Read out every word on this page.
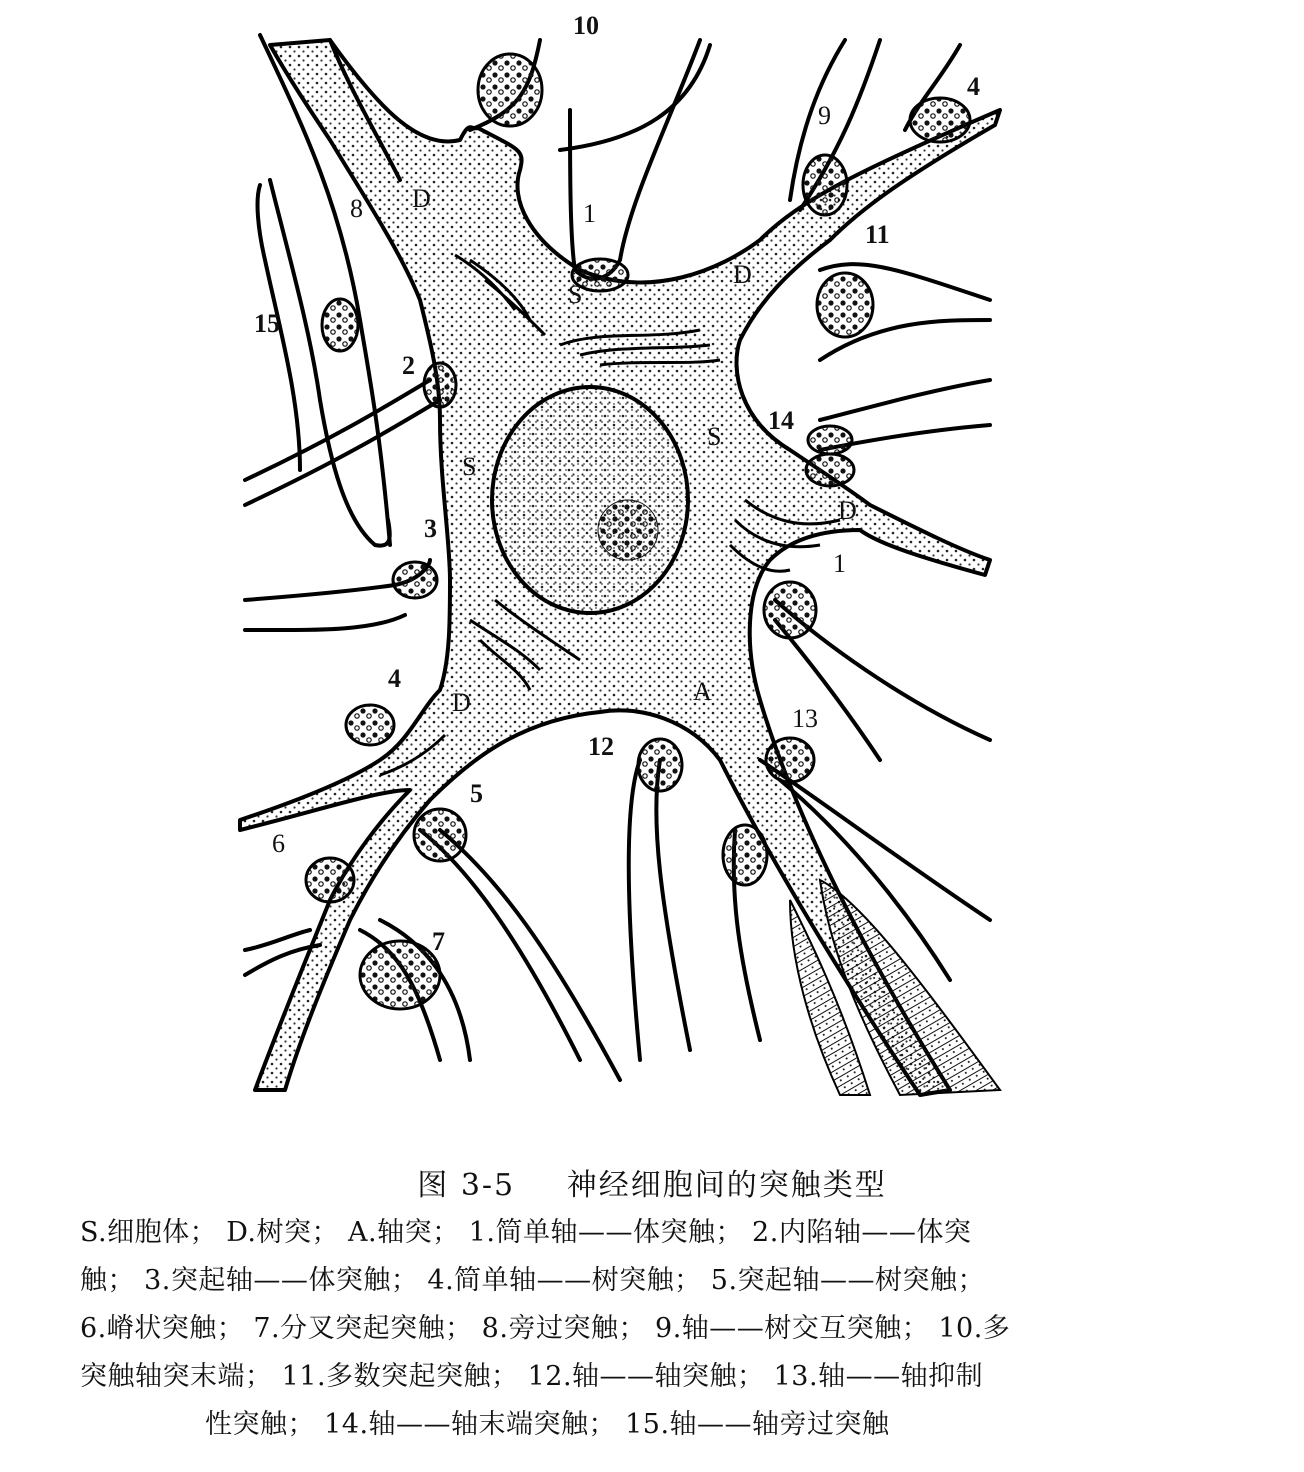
S
S
S
D
D
D
D	A
1
1
2
3
4
4
5
6
7
8
9
10
11
12
13
14
15
图 3-5 神经细胞间的突触类型
S.细胞体； D.树突； A.轴突； 1.简单轴——体突触； 2.内陷轴——体突
触； 3.突起轴——体突触； 4.简单轴——树突触； 5.突起轴——树突触；
6.嵴状突触； 7.分叉突起突触； 8.旁过突触； 9.轴——树交互突触； 10.多
突触轴突末端； 11.多数突起突触； 12.轴——轴突触； 13.轴——轴抑制
性突触； 14.轴——轴末端突触； 15.轴——轴旁过突触
